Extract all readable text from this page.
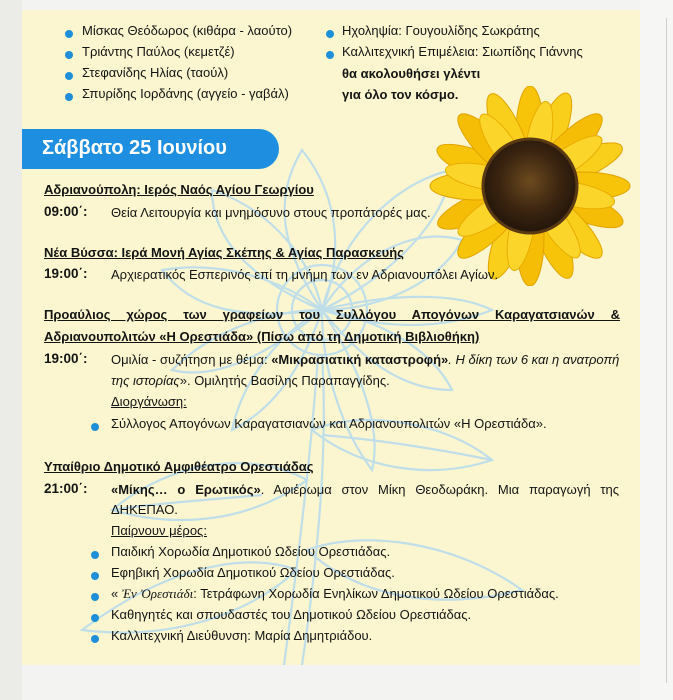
Μίσκας Θεόδωρος (κιθάρα - λαούτο)
Τριάντης Παύλος (κεμετζέ)
Στεφανίδης Ηλίας (ταούλ)
Σπυρίδης Ιορδάνης (αγγείο - γαβάλ)
Ηχοληψία: Γουγουλίδης Σωκράτης
Καλλιτεχνική Επιμέλεια: Σιωπίδης Γιάννης
θα ακολουθήσει γλέντι
για όλο τον κόσμο.
Σάββατο 25 Ιουνίου
Αδριανούπολη: Ιερός Ναός Αγίου Γεωργίου
09:00΄: Θεία Λειτουργία και μνημόσυνο στους προπάτορές μας.
Νέα Βύσσα: Ιερά Μονή Αγίας Σκέπης & Αγίας Παρασκευής
19:00΄: Αρχιερατικός Εσπερινός επί τη μνήμη των εν Αδριανουπόλει Αγίων.
Προαύλιος χώρος των γραφείων του Συλλόγου Απογόνων Καραγατσιανών &
Αδριανουπολιτών «Η Ορεστιάδα» (Πίσω από τη Δημοτική Βιβλιοθήκη)
19:00΄: Ομιλία - συζήτηση με θέμα: «Μικρασιατική καταστροφή». Η δίκη των 6 και η ανατροπή
της ιστορίας». Ομιλητής Βασίλης Παραπαγγίδης.
Διοργάνωση:
Σύλλογος Απογόνων Καραγατσιανών και Αδριανουπολιτών «Η Ορεστιάδα».
Υπαίθριο Δημοτικό Αμφιθέατρο Ορεστιάδας
21:00΄: «Μίκης… ο Ερωτικός». Αφιέρωμα στον Μίκη Θεοδωράκη. Μια παραγωγή της
ΔΗΚΕΠΑΟ.
Παίρνουν μέρος:
Παιδική Χορωδία Δημοτικού Ωδείου Ορεστιάδας.
Εφηβική Χορωδία Δημοτικού Ωδείου Ορεστιάδας.
« Ἐν Ὀρεστιάδι: Τετράφωνη Χορωδία Ενηλίκων Δημοτικού Ωδείου Ορεστιάδας.
Καθηγητές και σπουδαστές του Δημοτικού Ωδείου Ορεστιάδας.
Καλλιτεχνική Διεύθυνση: Μαρία Δημητριάδου.
